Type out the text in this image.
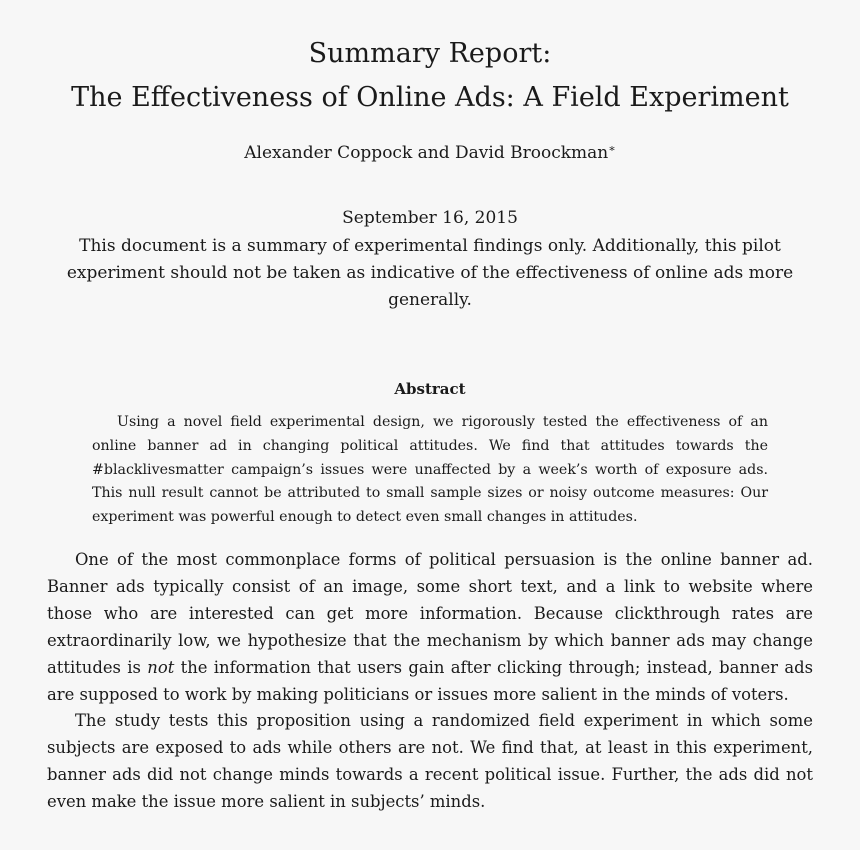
Summary Report:
The Effectiveness of Online Ads: A Field Experiment
Alexander Coppock and David Broockman∗
September 16, 2015
This document is a summary of experimental findings only. Additionally, this pilot experiment should not be taken as indicative of the effectiveness of online ads more generally.
Abstract

Using a novel field experimental design, we rigorously tested the effectiveness of an online banner ad in changing political attitudes. We find that attitudes towards the #blacklivesmatter campaign’s issues were unaffected by a week’s worth of exposure ads. This null result cannot be attributed to small sample sizes or noisy outcome measures: Our experiment was powerful enough to detect even small changes in attitudes.

One of the most commonplace forms of political persuasion is the online banner ad. Banner ads typically consist of an image, some short text, and a link to website where those who are interested can get more information. Because clickthrough rates are extraordinarily low, we hypothesize that the mechanism by which banner ads may change attitudes is not the information that users gain after clicking through; instead, banner ads are supposed to work by making politicians or issues more salient in the minds of voters.

The study tests this proposition using a randomized field experiment in which some subjects are exposed to ads while others are not. We find that, at least in this experiment, banner ads did not change minds towards a recent political issue. Further, the ads did not even make the issue more salient in subjects’ minds.
